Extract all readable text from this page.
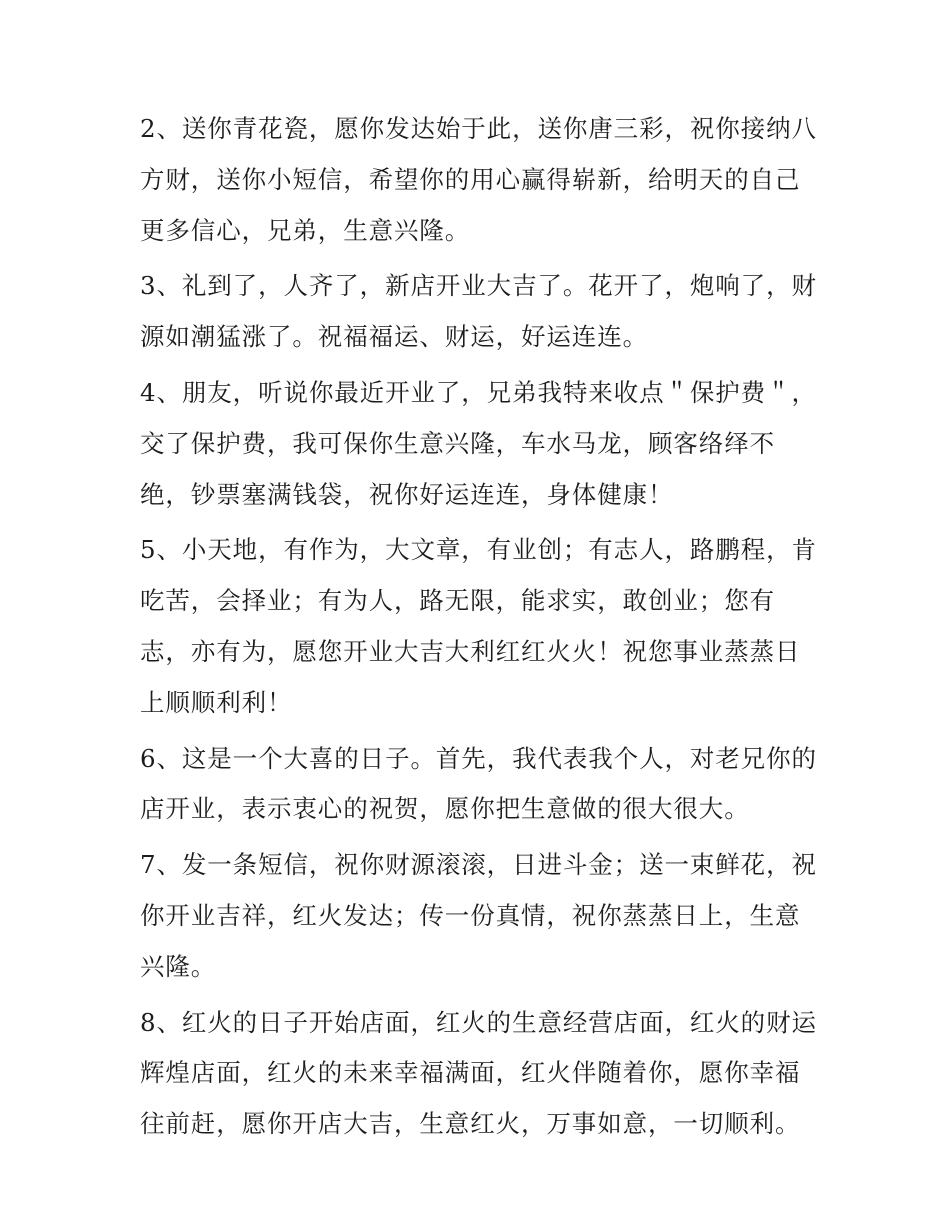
2、送你青花瓷，愿你发达始于此，送你唐三彩，祝你接纳八方财，送你小短信，希望你的用心赢得崭新，给明天的自己更多信心，兄弟，生意兴隆。

3、礼到了，人齐了，新店开业大吉了。花开了，炮响了，财源如潮猛涨了。祝福福运、财运，好运连连。

4、朋友，听说你最近开业了，兄弟我特来收点＂保护费＂，交了保护费，我可保你生意兴隆，车水马龙，顾客络绎不绝，钞票塞满钱袋，祝你好运连连，身体健康！

5、小天地，有作为，大文章，有业创；有志人，路鹏程，肯吃苦，会择业；有为人，路无限，能求实，敢创业；您有志，亦有为，愿您开业大吉大利红红火火！祝您事业蒸蒸日上顺顺利利！

6、这是一个大喜的日子。首先，我代表我个人，对老兄你的店开业，表示衷心的祝贺，愿你把生意做的很大很大。

7、发一条短信，祝你财源滚滚，日进斗金；送一束鲜花，祝你开业吉祥，红火发达；传一份真情，祝你蒸蒸日上，生意兴隆。

8、红火的日子开始店面，红火的生意经营店面，红火的财运辉煌店面，红火的未来幸福满面，红火伴随着你，愿你幸福往前赶，愿你开店大吉，生意红火，万事如意，一切顺利。
